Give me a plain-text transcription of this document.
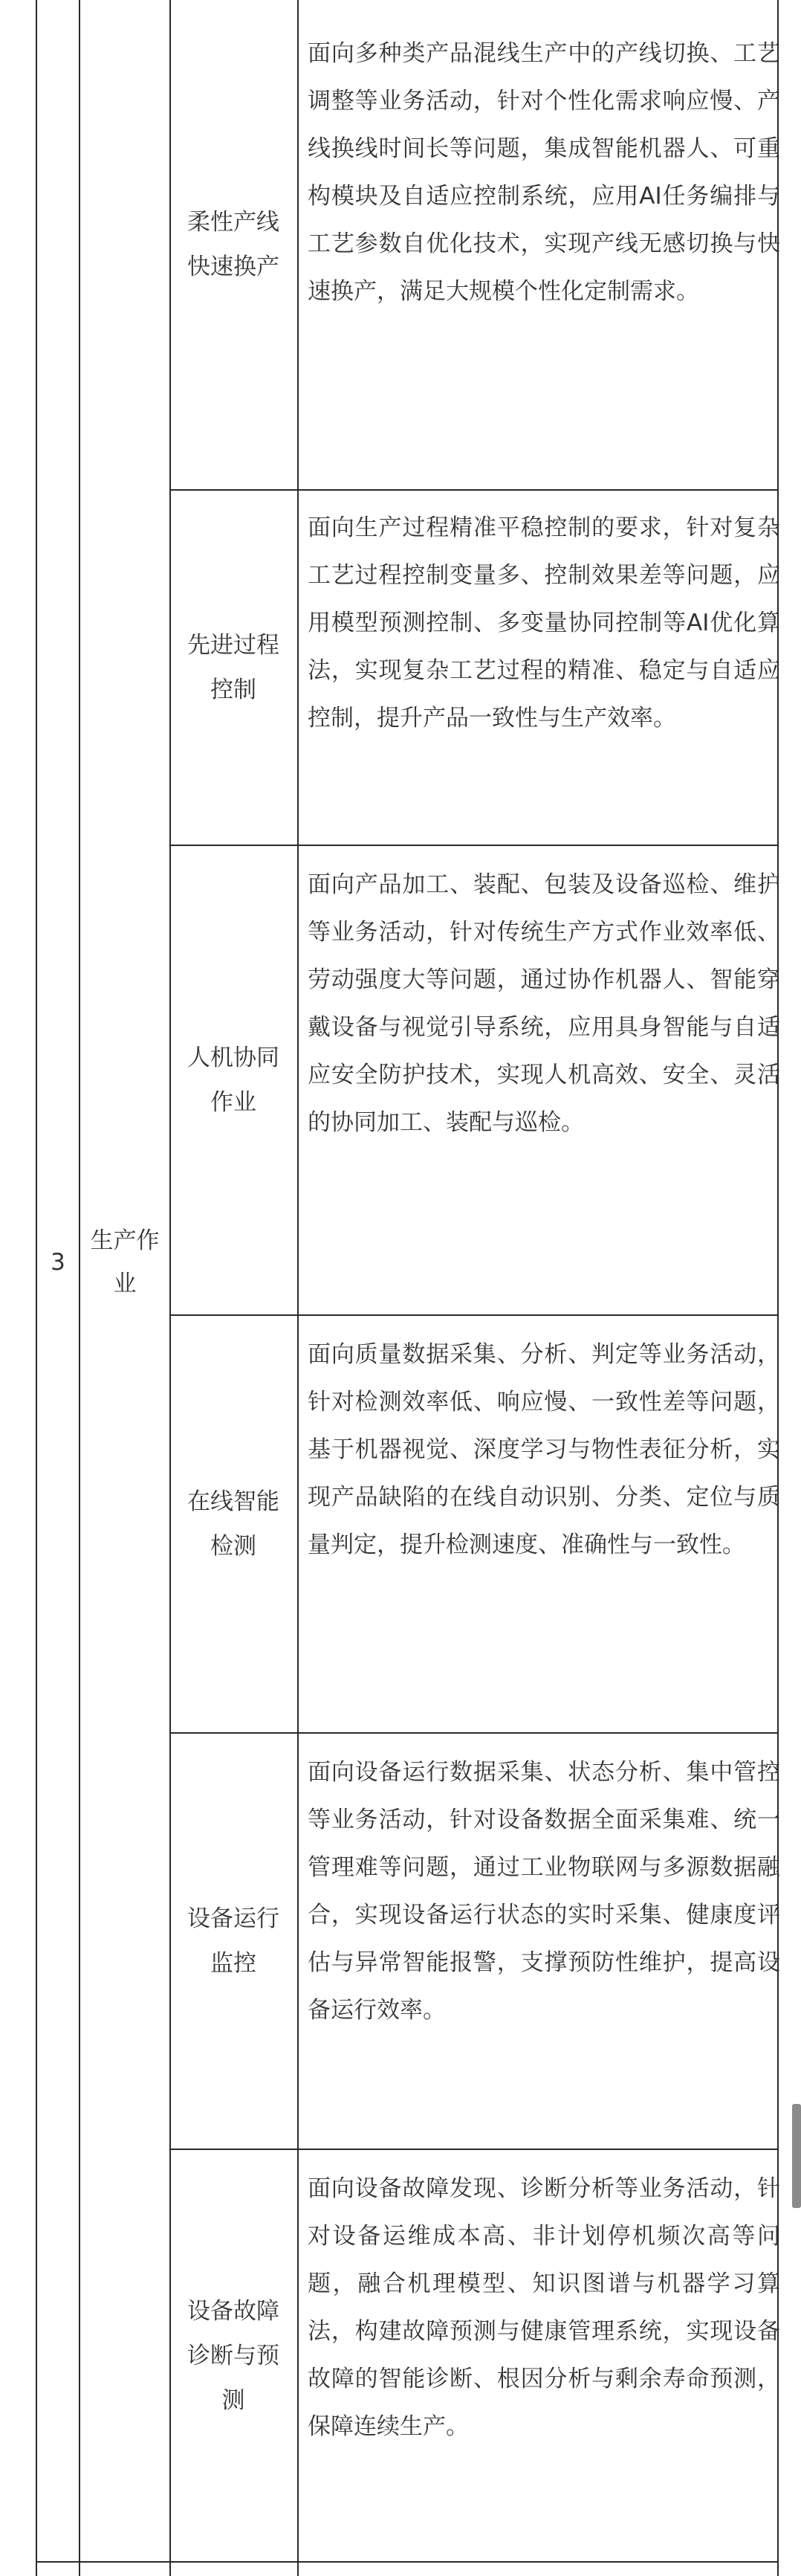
3
生产作业
柔性产线快速换产
先进过程控制
人机协同作业
在线智能检测
设备运行监控
设备故障诊断与预测
面向多种类产品混线生产中的产线切换、工艺调整等业务活动，针对个性化需求响应慢、产线换线时间长等问题，集成智能机器人、可重构模块及自适应控制系统，应用AI任务编排与工艺参数自优化技术，实现产线无感切换与快速换产，满足大规模个性化定制需求。
面向生产过程精准平稳控制的要求，针对复杂工艺过程控制变量多、控制效果差等问题，应用模型预测控制、多变量协同控制等AI优化算法，实现复杂工艺过程的精准、稳定与自适应控制，提升产品一致性与生产效率。
面向产品加工、装配、包装及设备巡检、维护等业务活动，针对传统生产方式作业效率低、劳动强度大等问题，通过协作机器人、智能穿戴设备与视觉引导系统，应用具身智能与自适应安全防护技术，实现人机高效、安全、灵活的协同加工、装配与巡检。
面向质量数据采集、分析、判定等业务活动，针对检测效率低、响应慢、一致性差等问题，基于机器视觉、深度学习与物性表征分析，实现产品缺陷的在线自动识别、分类、定位与质量判定，提升检测速度、准确性与一致性。
面向设备运行数据采集、状态分析、集中管控等业务活动，针对设备数据全面采集难、统一管理难等问题，通过工业物联网与多源数据融合，实现设备运行状态的实时采集、健康度评估与异常智能报警，支撑预防性维护，提高设备运行效率。
面向设备故障发现、诊断分析等业务活动，针对设备运维成本高、非计划停机频次高等问题，融合机理模型、知识图谱与机器学习算法，构建故障预测与健康管理系统，实现设备故障的智能诊断、根因分析与剩余寿命预测，保障连续生产。
